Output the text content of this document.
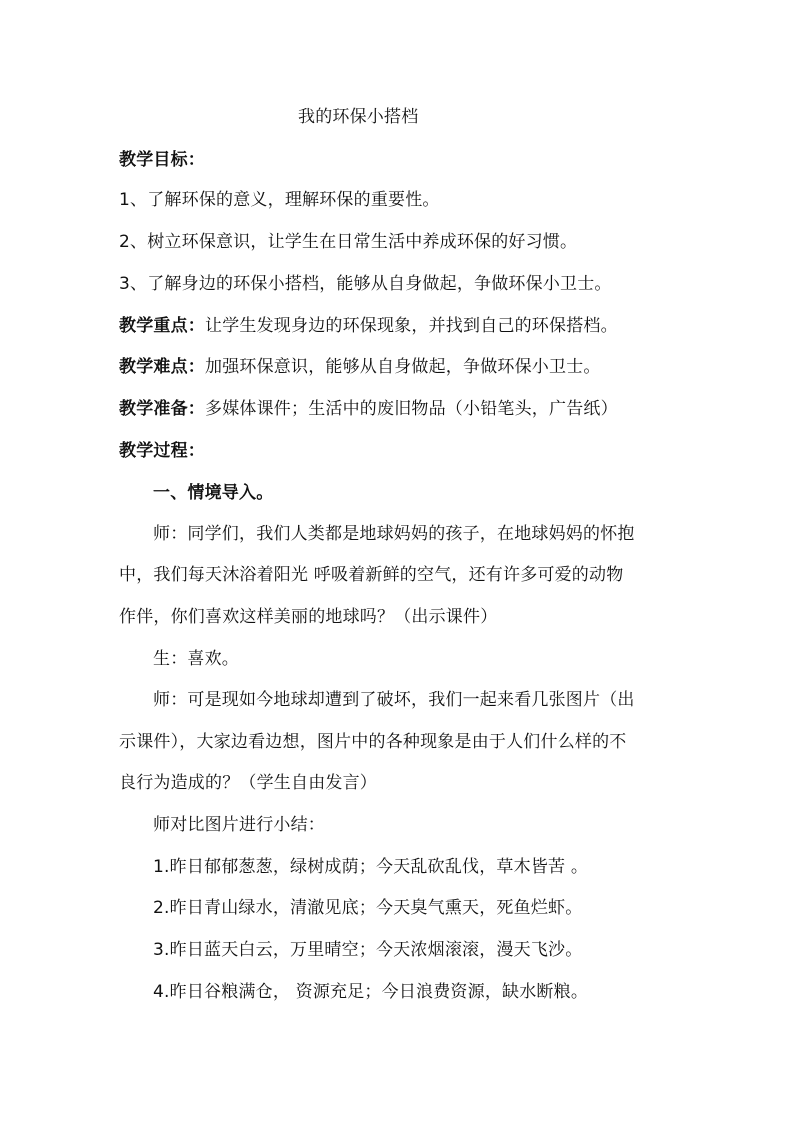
我的环保小搭档
教学目标：
1、了解环保的意义，理解环保的重要性。
2、树立环保意识，让学生在日常生活中养成环保的好习惯。
3、了解身边的环保小搭档，能够从自身做起，争做环保小卫士。
教学重点：让学生发现身边的环保现象，并找到自己的环保搭档。
教学难点：加强环保意识，能够从自身做起，争做环保小卫士。
教学准备：多媒体课件；生活中的废旧物品（小铅笔头，广告纸）
教学过程：
一、情境导入。
师：同学们，我们人类都是地球妈妈的孩子，在地球妈妈的怀抱
中，我们每天沐浴着阳光 呼吸着新鲜的空气，还有许多可爱的动物
作伴，你们喜欢这样美丽的地球吗？（出示课件）
生：喜欢。
师：可是现如今地球却遭到了破坏，我们一起来看几张图片（出
示课件），大家边看边想，图片中的各种现象是由于人们什么样的不
良行为造成的？（学生自由发言）
师对比图片进行小结：
1.昨日郁郁葱葱，绿树成荫；今天乱砍乱伐，草木皆苦 。
2.昨日青山绿水，清澈见底；今天臭气熏天，死鱼烂虾。
3.昨日蓝天白云，万里晴空；今天浓烟滚滚，漫天飞沙。
4.昨日谷粮满仓， 资源充足；今日浪费资源，缺水断粮。
